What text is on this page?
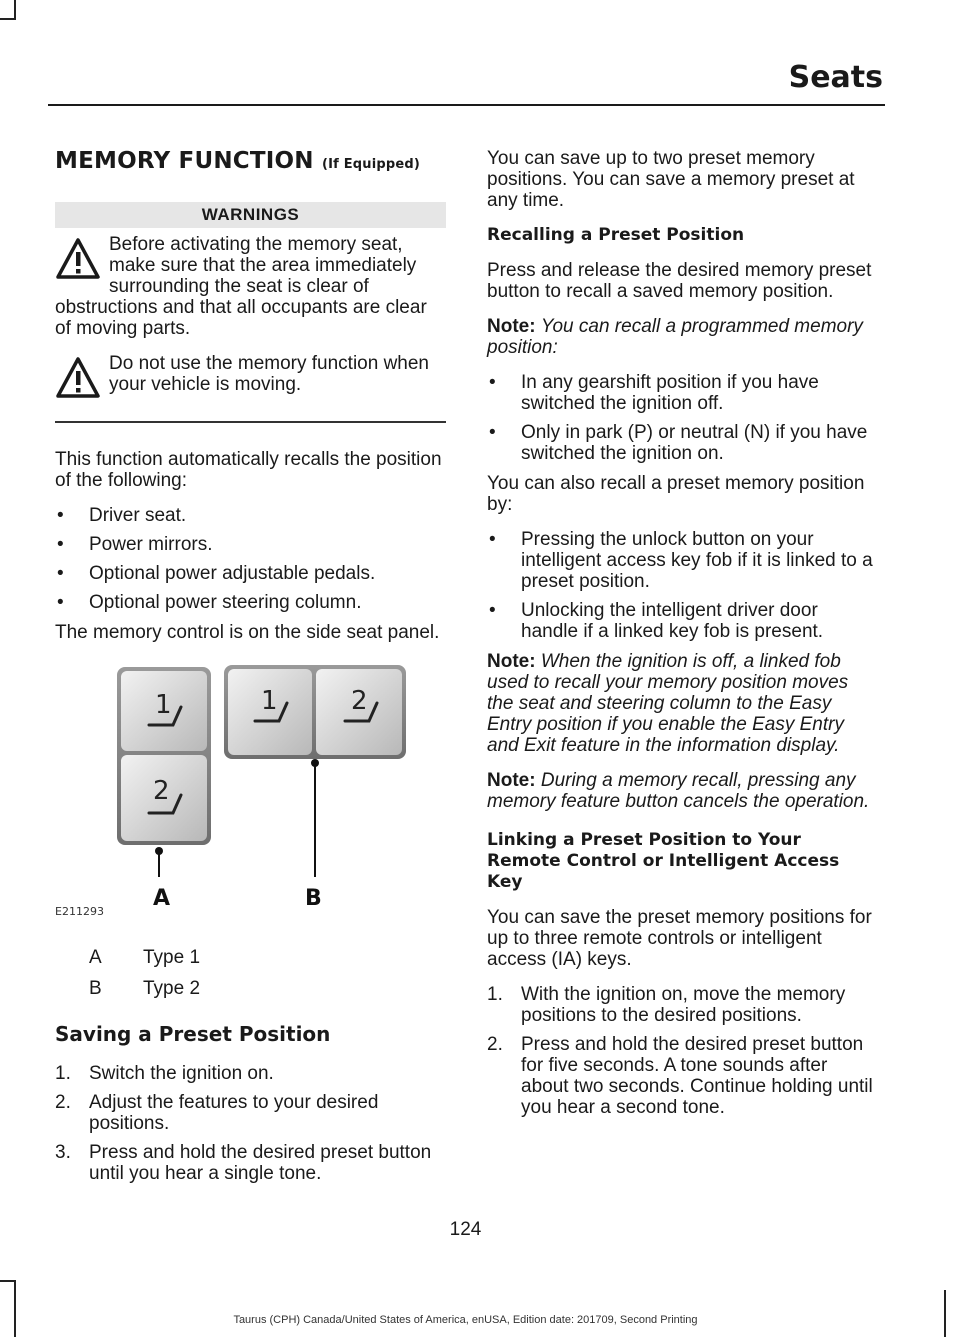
Seats
MEMORY FUNCTION (If Equipped)
WARNINGS
Before activating the memory seat, make sure that the area immediately surrounding the seat is clear of obstructions and that all occupants are clear of moving parts.
Do not use the memory function when your vehicle is moving.

This function automatically recalls the position of the following:

• Driver seat.
• Power mirrors.
• Optional power adjustable pedals.
• Optional power steering column.

The memory control is on the side seat panel.

1
2
1	2
A	B
E211293
A	Type 1
B	Type 2
Saving a Preset Position
1. Switch the ignition on.
2. Adjust the features to your desired positions.
3. Press and hold the desired preset button until you hear a single tone.

You can save up to two preset memory positions. You can save a memory preset at any time.

Recalling a Preset Position

Press and release the desired memory preset button to recall a saved memory position.

Note: You can recall a programmed memory position:

• In any gearshift position if you have switched the ignition off.
• Only in park (P) or neutral (N) if you have switched the ignition on.

You can also recall a preset memory position by:

• Pressing the unlock button on your intelligent access key fob if it is linked to a preset position.
• Unlocking the intelligent driver door handle if a linked key fob is present.

Note: When the ignition is off, a linked fob used to recall your memory position moves the seat and steering column to the Easy Entry position if you enable the Easy Entry and Exit feature in the information display.

Note: During a memory recall, pressing any memory feature button cancels the operation.

Linking a Preset Position to Your Remote Control or Intelligent Access Key

You can save the preset memory positions for up to three remote controls or intelligent access (IA) keys.

1. With the ignition on, move the memory positions to the desired positions.
2. Press and hold the desired preset button for five seconds. A tone sounds after about two seconds. Continue holding until you hear a second tone.
124
Taurus (CPH) Canada/United States of America, enUSA, Edition date: 201709, Second Printing
